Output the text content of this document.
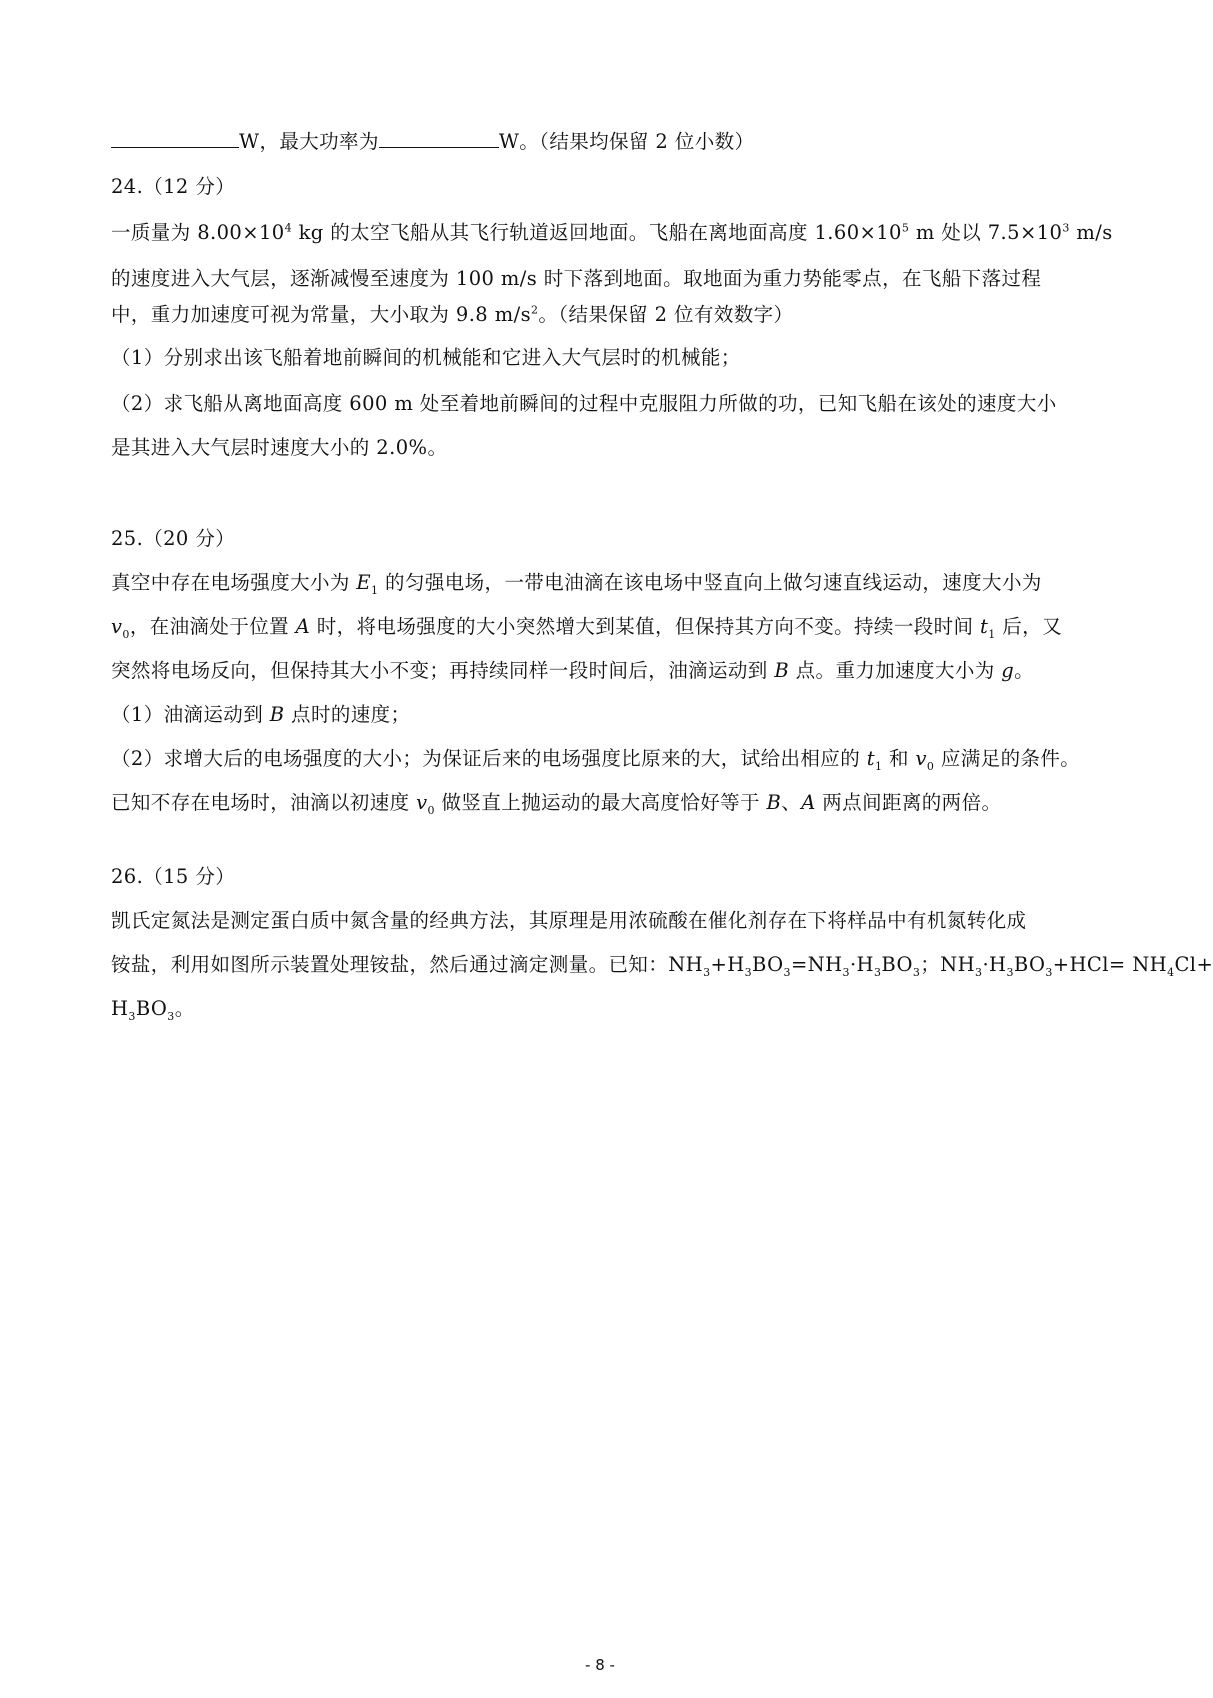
W，最大功率为	W。（结果均保留 2 位小数）
24.（12 分）
一质量为 $8.00\times 10^4$ kg 的太空飞船从其飞行轨道返回地面。飞船在离地面高度 $1.60\times 10^5$ m 处以 $7.5\times 10^3$ m/s
的速度进入大气层，逐渐减慢至速度为 100 m/s 时下落到地面。取地面为重力势能零点，在飞船下落过程
中，重力加速度可视为常量，大小取为 9.8 $m/s^2$。（结果保留 2 位有效数字）
（1）分别求出该飞船着地前瞬间的机械能和它进入大气层时的机械能；
（2）求飞船从离地面高度 600 m 处至着地前瞬间的过程中克服阻力所做的功，已知飞船在该处的速度大小
是其进入大气层时速度大小的 2.0%。
25.（20 分）
真空中存在电场强度大小为 $E_1$ 的匀强电场，一带电油滴在该电场中竖直向上做匀速直线运动，速度大小为
$v_0$，在油滴处于位置 A 时，将电场强度的大小突然增大到某值，但保持其方向不变。持续一段时间 $t_1$ 后，又
突然将电场反向，但保持其大小不变；再持续同样一段时间后，油滴运动到 B 点。重力加速度大小为 g。
（1）油滴运动到 B 点时的速度；
（2）求增大后的电场强度的大小；为保证后来的电场强度比原来的大，试给出相应的 $t_1$ 和 $v_0$ 应满足的条件。
已知不存在电场时，油滴以初速度 $v_0$ 做竖直上抛运动的最大高度恰好等于 B、A 两点间距离的两倍。
26.（15 分）
凯氏定氮法是测定蛋白质中氮含量的经典方法，其原理是用浓硫酸在催化剂存在下将样品中有机氮转化成
铵盐，利用如图所示装置处理铵盐，然后通过滴定测量。已知：$NH_3+H_3BO_3=NH_3\cdot H_3BO_3$；$NH_3\cdot H_3BO_3+HCl= NH_4Cl+$
$H_3BO_3$。
- 8 -
